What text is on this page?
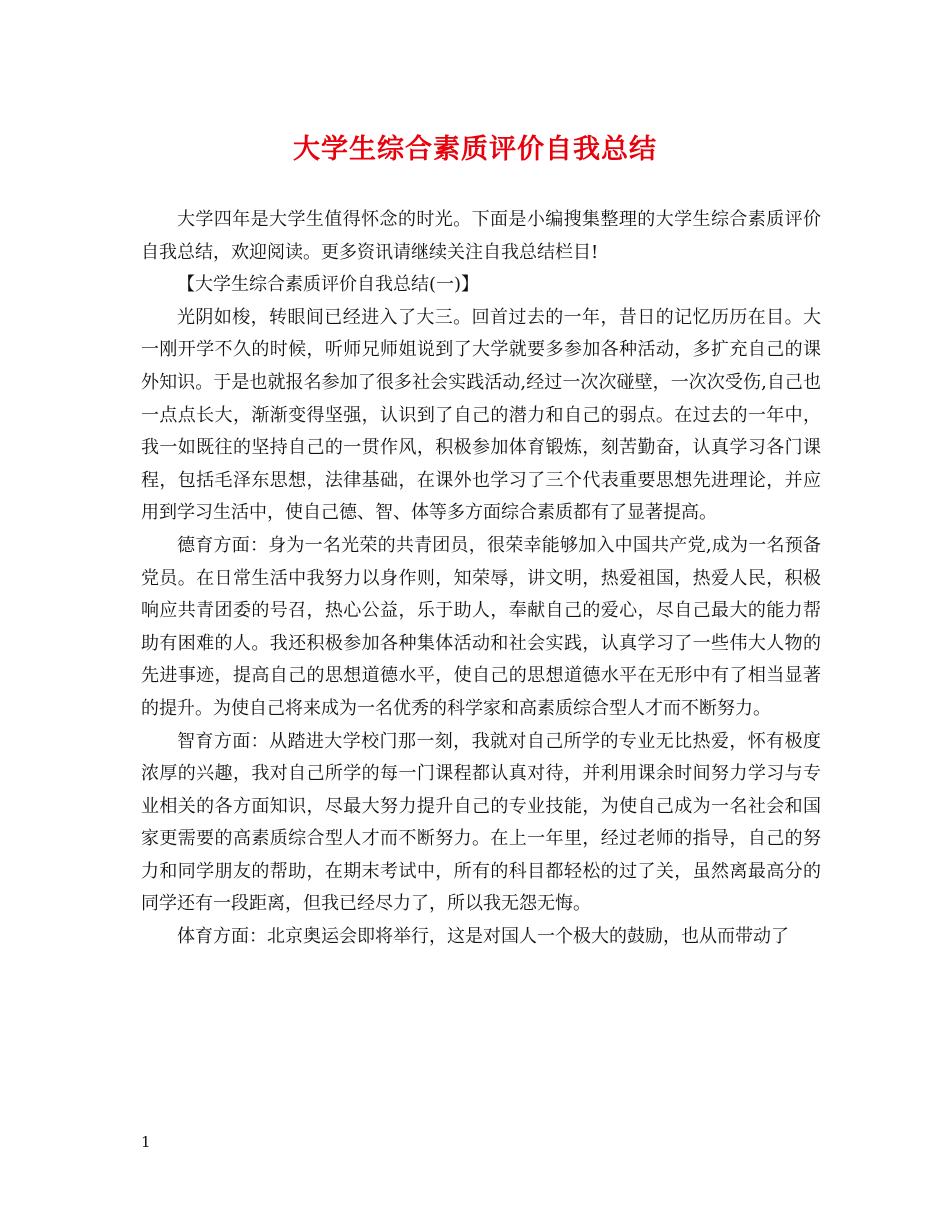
大学生综合素质评价自我总结

大学四年是大学生值得怀念的时光。下面是小编搜集整理的大学生综合素质评价自我总结，欢迎阅读。更多资讯请继续关注自我总结栏目!

【大学生综合素质评价自我总结(一)】

光阴如梭，转眼间已经进入了大三。回首过去的一年，昔日的记忆历历在目。大一刚开学不久的时候，听师兄师姐说到了大学就要多参加各种活动，多扩充自己的课外知识。于是也就报名参加了很多社会实践活动,经过一次次碰壁，一次次受伤,自己也一点点长大，渐渐变得坚强，认识到了自己的潜力和自己的弱点。在过去的一年中，我一如既往的坚持自己的一贯作风，积极参加体育锻炼，刻苦勤奋，认真学习各门课程，包括毛泽东思想，法律基础，在课外也学习了三个代表重要思想先进理论，并应用到学习生活中，使自己德、智、体等多方面综合素质都有了显著提高。

德育方面：身为一名光荣的共青团员，很荣幸能够加入中国共产党,成为一名预备党员。在日常生活中我努力以身作则，知荣辱，讲文明，热爱祖国，热爱人民，积极响应共青团委的号召，热心公益，乐于助人，奉献自己的爱心，尽自己最大的能力帮助有困难的人。我还积极参加各种集体活动和社会实践，认真学习了一些伟大人物的先进事迹，提高自己的思想道德水平，使自己的思想道德水平在无形中有了相当显著的提升。为使自己将来成为一名优秀的科学家和高素质综合型人才而不断努力。

智育方面：从踏进大学校门那一刻，我就对自己所学的专业无比热爱，怀有极度浓厚的兴趣，我对自己所学的每一门课程都认真对待，并利用课余时间努力学习与专业相关的各方面知识，尽最大努力提升自己的专业技能，为使自己成为一名社会和国家更需要的高素质综合型人才而不断努力。在上一年里，经过老师的指导，自己的努力和同学朋友的帮助，在期末考试中，所有的科目都轻松的过了关，虽然离最高分的同学还有一段距离，但我已经尽力了，所以我无怨无悔。

体育方面：北京奥运会即将举行，这是对国人一个极大的鼓励，也从而带动了

1
